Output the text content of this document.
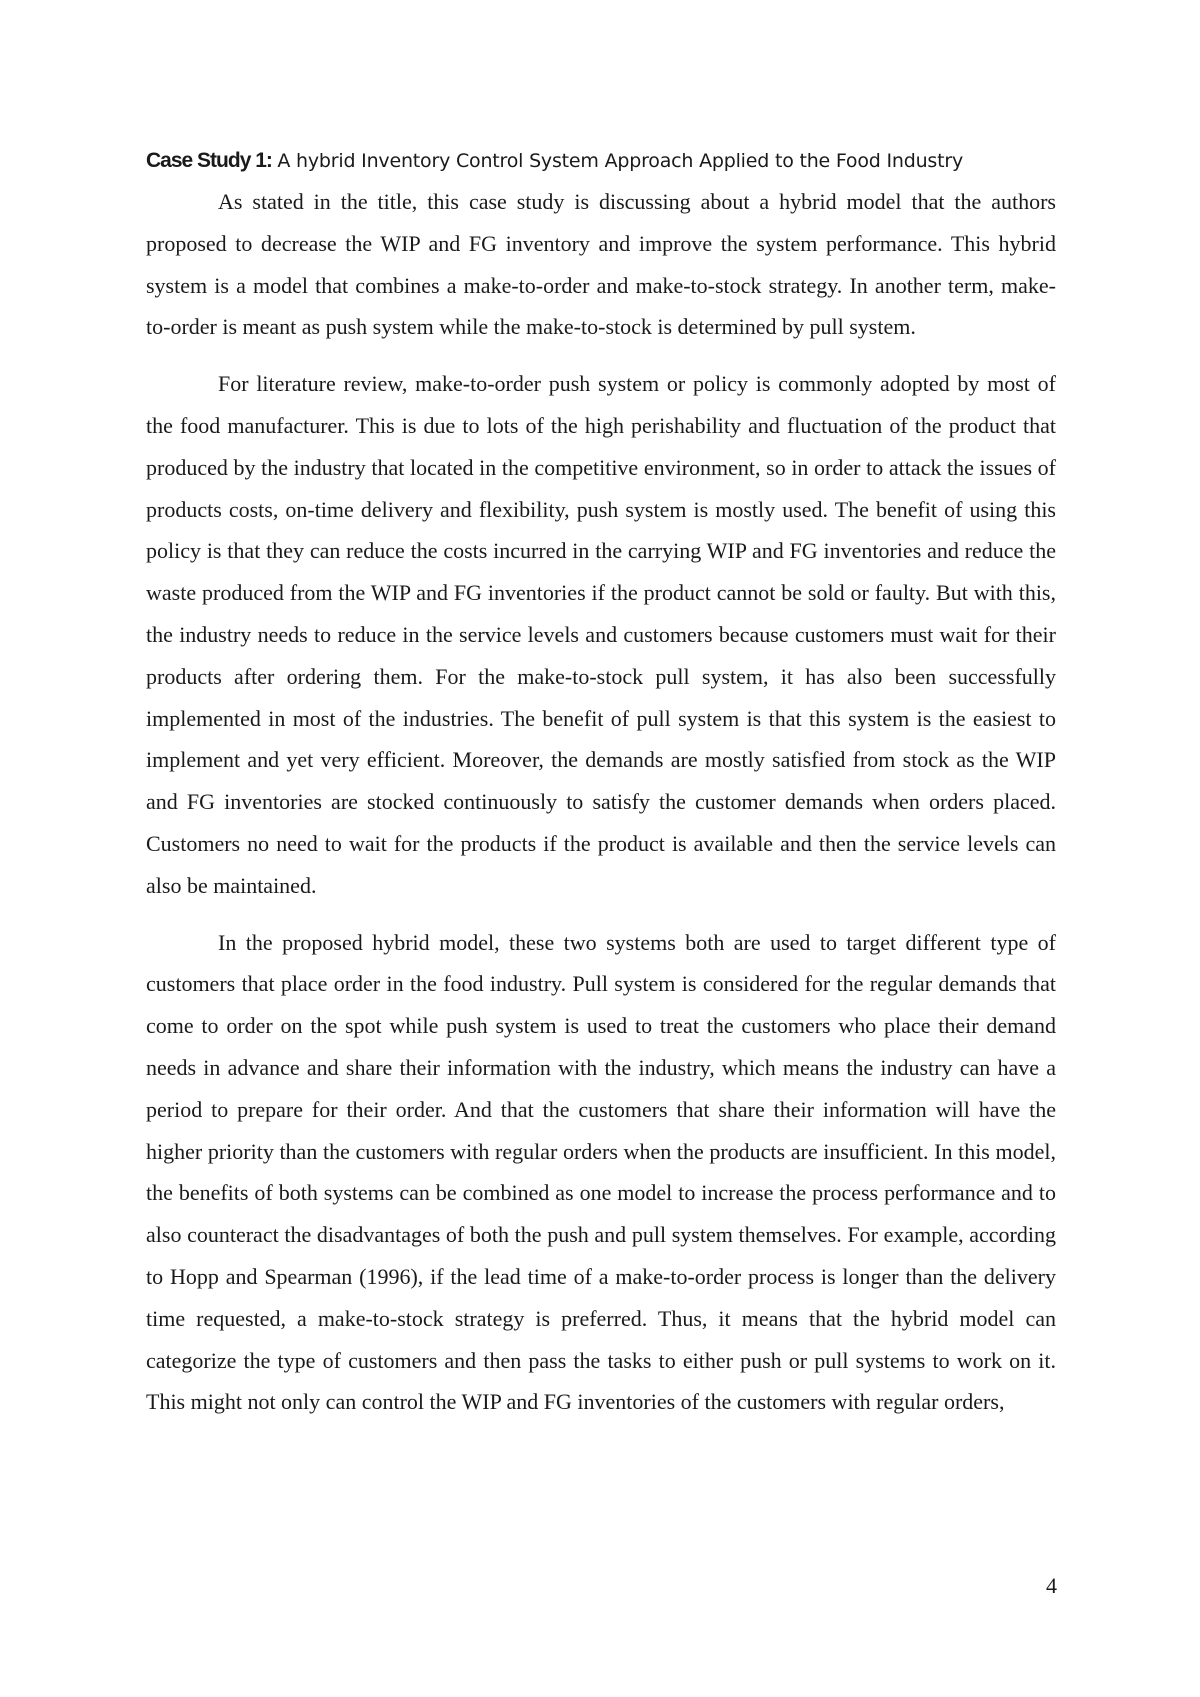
Case Study 1: A hybrid Inventory Control System Approach Applied to the Food Industry

As stated in the title, this case study is discussing about a hybrid model that the authors proposed to decrease the WIP and FG inventory and improve the system performance. This hybrid system is a model that combines a make-to-order and make-to-stock strategy. In another term, make-to-order is meant as push system while the make-to-stock is determined by pull system.

For literature review, make-to-order push system or policy is commonly adopted by most of the food manufacturer. This is due to lots of the high perishability and fluctuation of the product that produced by the industry that located in the competitive environment, so in order to attack the issues of products costs, on-time delivery and flexibility, push system is mostly used. The benefit of using this policy is that they can reduce the costs incurred in the carrying WIP and FG inventories and reduce the waste produced from the WIP and FG inventories if the product cannot be sold or faulty. But with this, the industry needs to reduce in the service levels and customers because customers must wait for their products after ordering them. For the make-to-stock pull system, it has also been successfully implemented in most of the industries. The benefit of pull system is that this system is the easiest to implement and yet very efficient. Moreover, the demands are mostly satisfied from stock as the WIP and FG inventories are stocked continuously to satisfy the customer demands when orders placed. Customers no need to wait for the products if the product is available and then the service levels can also be maintained.

In the proposed hybrid model, these two systems both are used to target different type of customers that place order in the food industry. Pull system is considered for the regular demands that come to order on the spot while push system is used to treat the customers who place their demand needs in advance and share their information with the industry, which means the industry can have a period to prepare for their order. And that the customers that share their information will have the higher priority than the customers with regular orders when the products are insufficient. In this model, the benefits of both systems can be combined as one model to increase the process performance and to also counteract the disadvantages of both the push and pull system themselves. For example, according to Hopp and Spearman (1996), if the lead time of a make-to-order process is longer than the delivery time requested, a make-to-stock strategy is preferred. Thus, it means that the hybrid model can categorize the type of customers and then pass the tasks to either push or pull systems to work on it. This might not only can control the WIP and FG inventories of the customers with regular orders,

4
